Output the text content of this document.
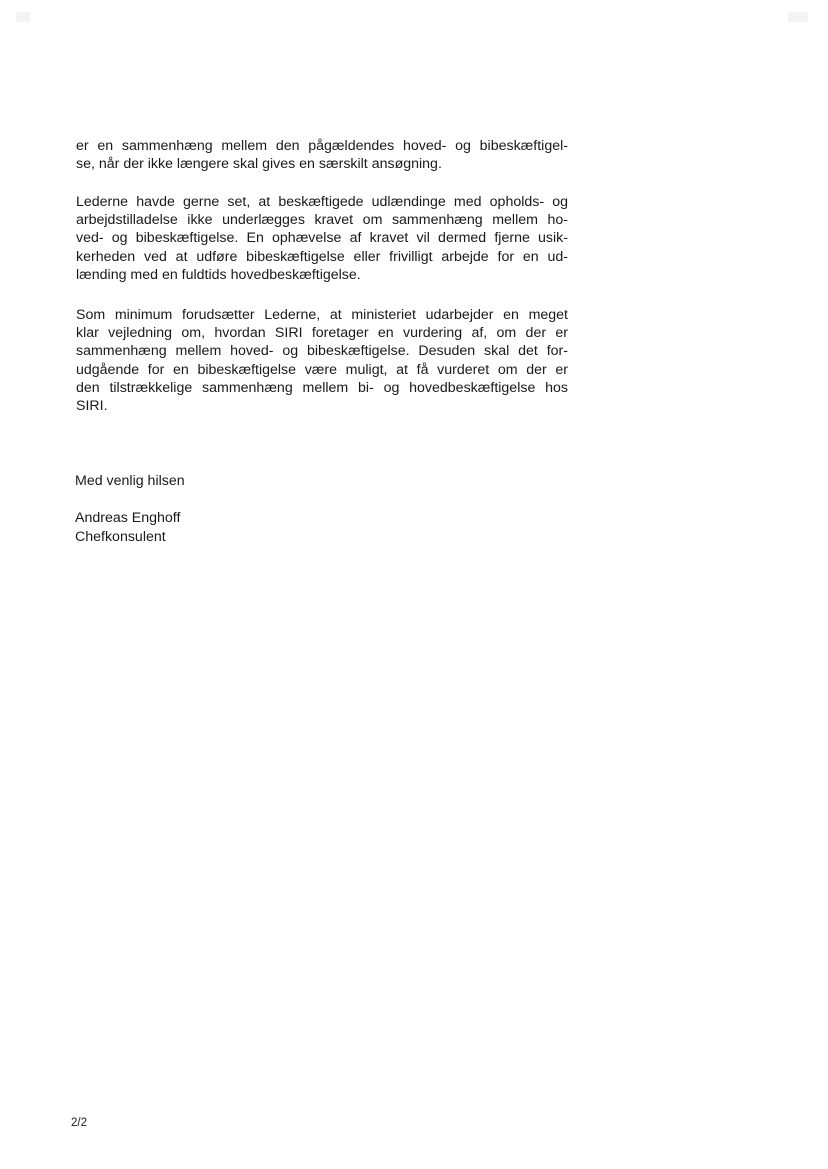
er en sammenhæng mellem den pågældendes hoved- og bibeskæftigel-
se, når der ikke længere skal gives en særskilt ansøgning.
Lederne havde gerne set, at beskæftigede udlændinge med opholds- og
arbejdstilladelse ikke underlægges kravet om sammenhæng mellem ho-
ved- og bibeskæftigelse. En ophævelse af kravet vil dermed fjerne usik-
kerheden ved at udføre bibeskæftigelse eller frivilligt arbejde for en ud-
lænding med en fuldtids hovedbeskæftigelse.
Som minimum forudsætter Lederne, at ministeriet udarbejder en meget
klar vejledning om, hvordan SIRI foretager en vurdering af, om der er
sammenhæng mellem hoved- og bibeskæftigelse. Desuden skal det for-
udgående for en bibeskæftigelse være muligt, at få vurderet om der er
den tilstrækkelige sammenhæng mellem bi- og hovedbeskæftigelse hos
SIRI.
Med venlig hilsen
Andreas Enghoff
Chefkonsulent
2/2
